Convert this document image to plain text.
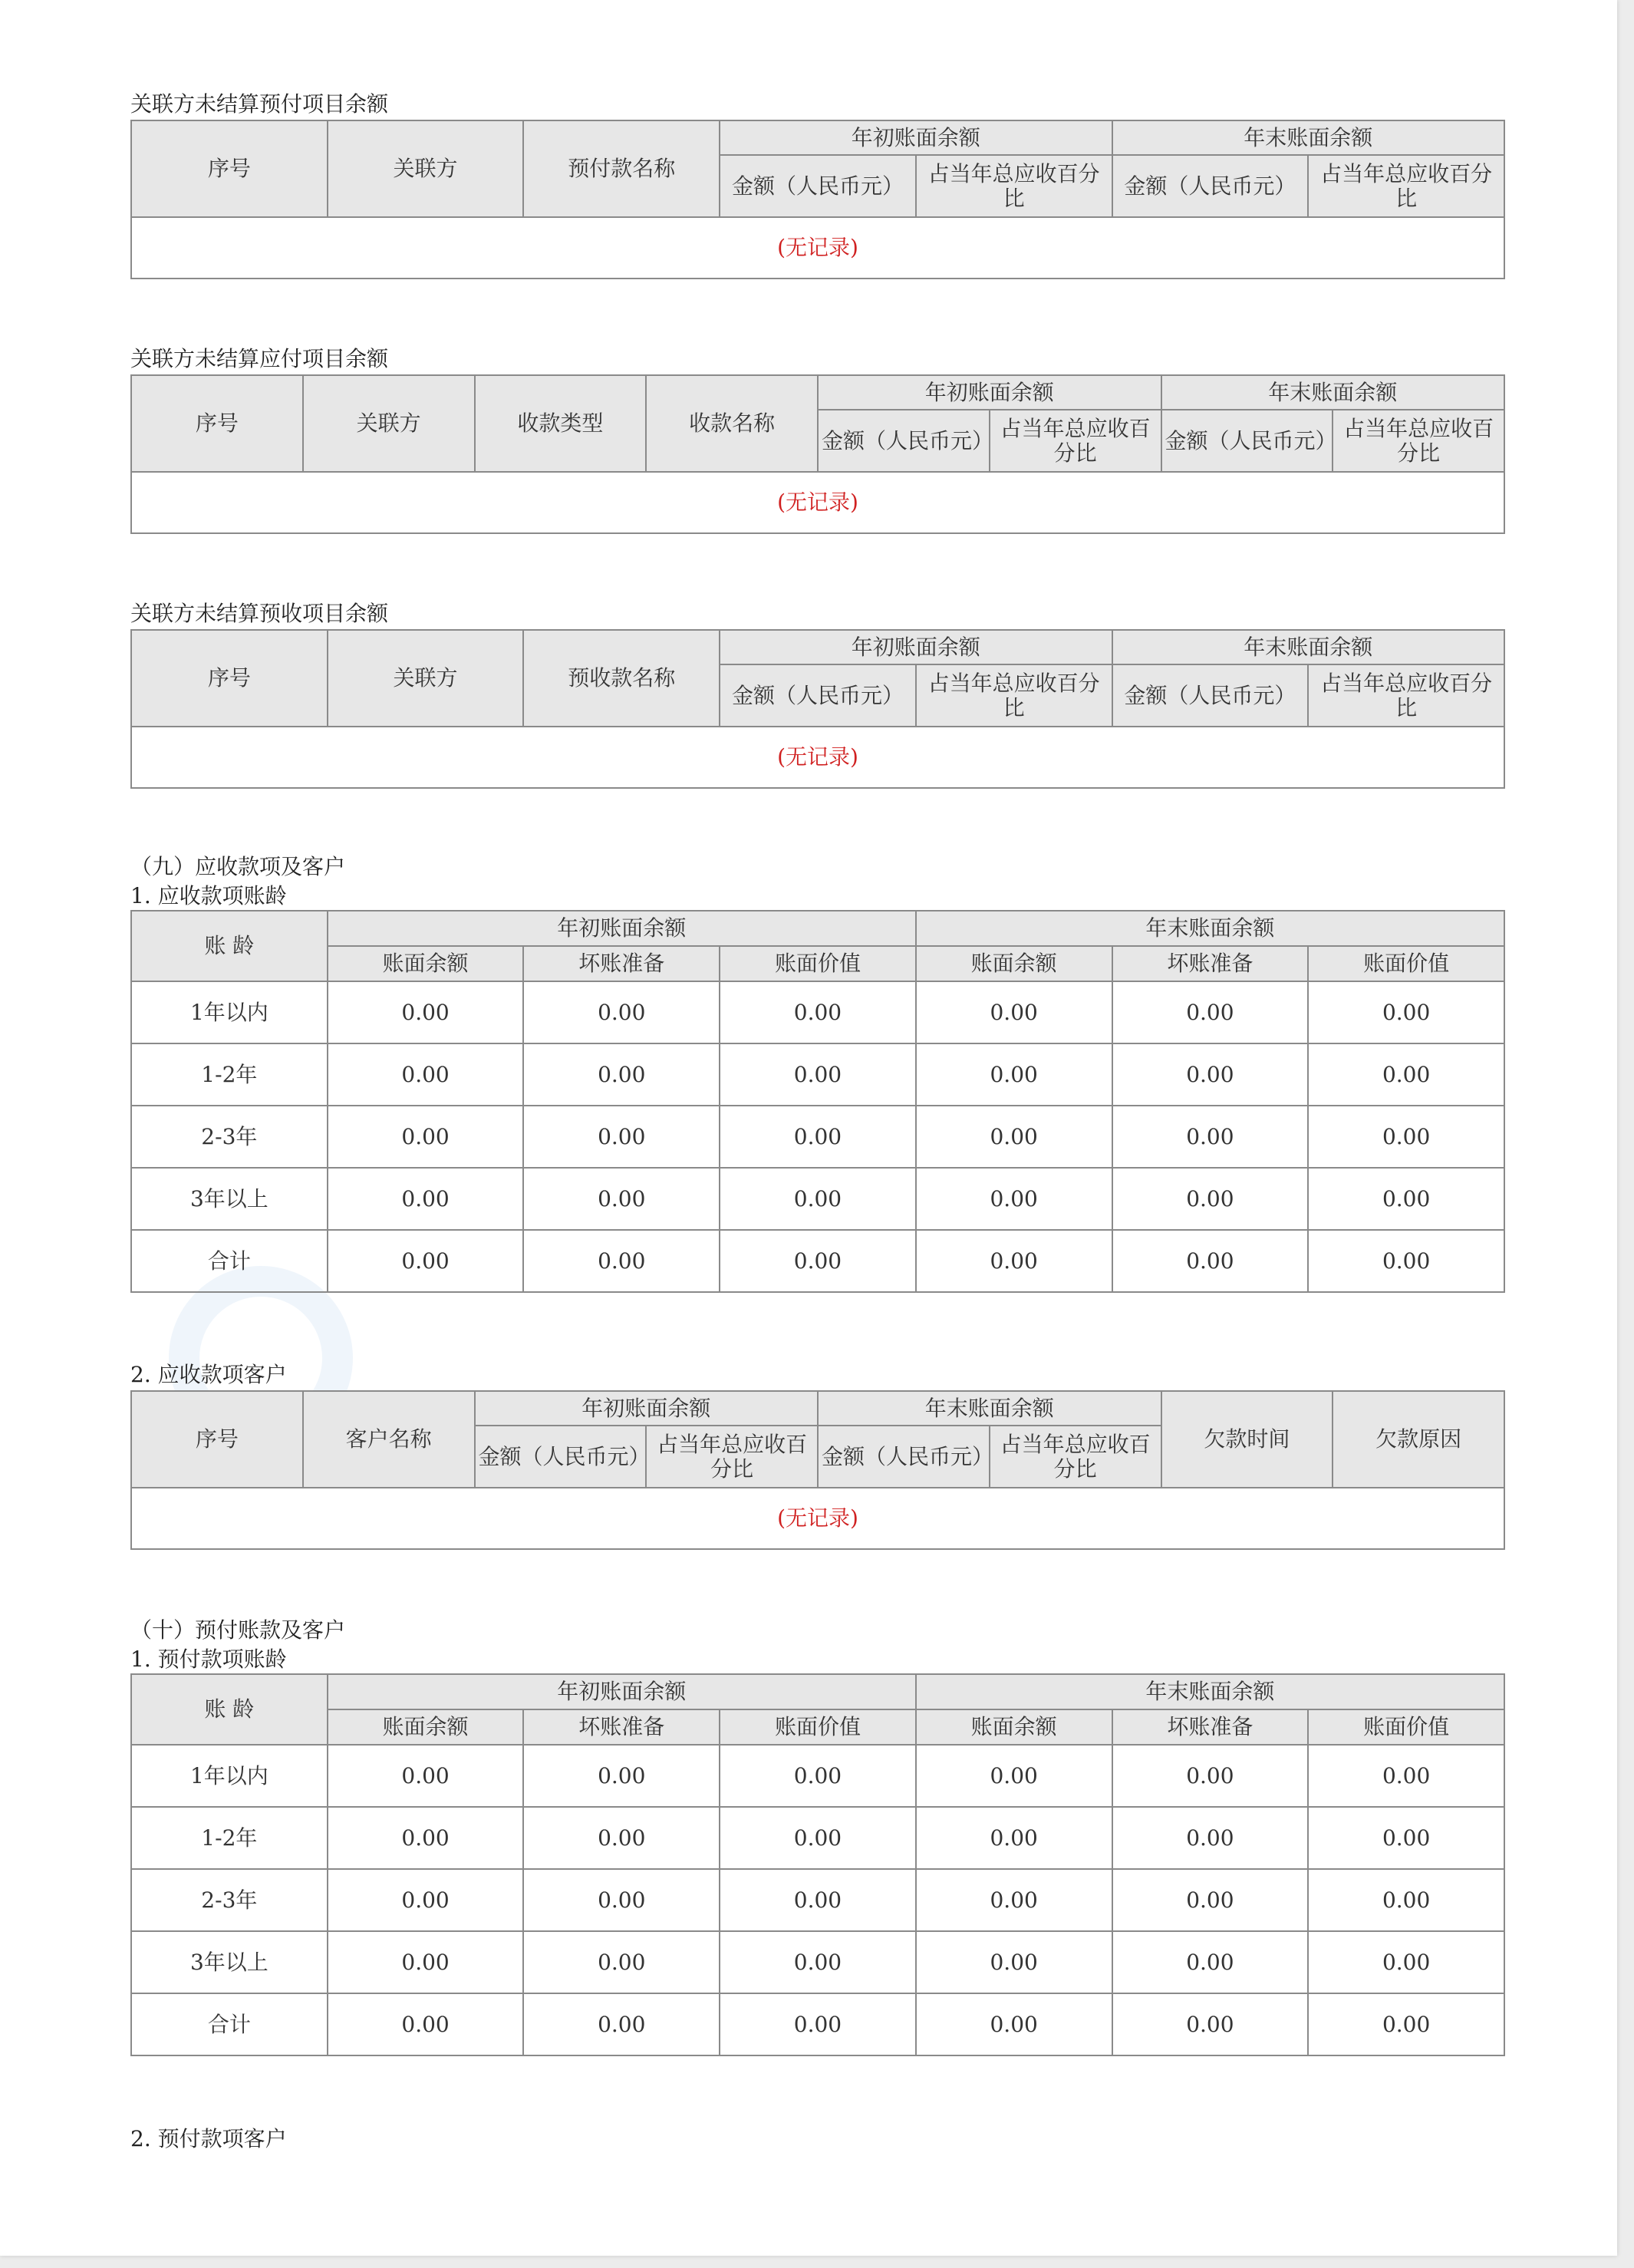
关联方未结算预付项目余额
序号	关联方	预付款名称	年初账面余额		年末账面余额	
			金额（人民币元）	占当年总应收百分比	金额（人民币元）	占当年总应收百分比
(无记录)						
关联方未结算应付项目余额
序号	关联方	收款类型	收款名称	年初账面余额		年末账面余额	
				金额（人民币元）	占当年总应收百分比	金额（人民币元）	占当年总应收百分比
(无记录)							
关联方未结算预收项目余额
序号	关联方	预收款名称	年初账面余额		年末账面余额	
			金额（人民币元）	占当年总应收百分比	金额（人民币元）	占当年总应收百分比
(无记录)						
（九）应收款项及客户
1. 应收款项账龄
账 龄	年初账面余额			年末账面余额		
	账面余额	坏账准备	账面价值	账面余额	坏账准备	账面价值
1年以内	0.00	0.00	0.00	0.00	0.00	0.00
1-2年	0.00	0.00	0.00	0.00	0.00	0.00
2-3年	0.00	0.00	0.00	0.00	0.00	0.00
3年以上	0.00	0.00	0.00	0.00	0.00	0.00
合计	0.00	0.00	0.00	0.00	0.00	0.00
2. 应收款项客户
序号	客户名称	年初账面余额		年末账面余额		欠款时间	欠款原因
		金额（人民币元）	占当年总应收百分比	金额（人民币元）	占当年总应收百分比		
(无记录)							
（十）预付账款及客户
1. 预付款项账龄
账 龄	年初账面余额			年末账面余额		
	账面余额	坏账准备	账面价值	账面余额	坏账准备	账面价值
1年以内	0.00	0.00	0.00	0.00	0.00	0.00
1-2年	0.00	0.00	0.00	0.00	0.00	0.00
2-3年	0.00	0.00	0.00	0.00	0.00	0.00
3年以上	0.00	0.00	0.00	0.00	0.00	0.00
合计	0.00	0.00	0.00	0.00	0.00	0.00
2. 预付款项客户
